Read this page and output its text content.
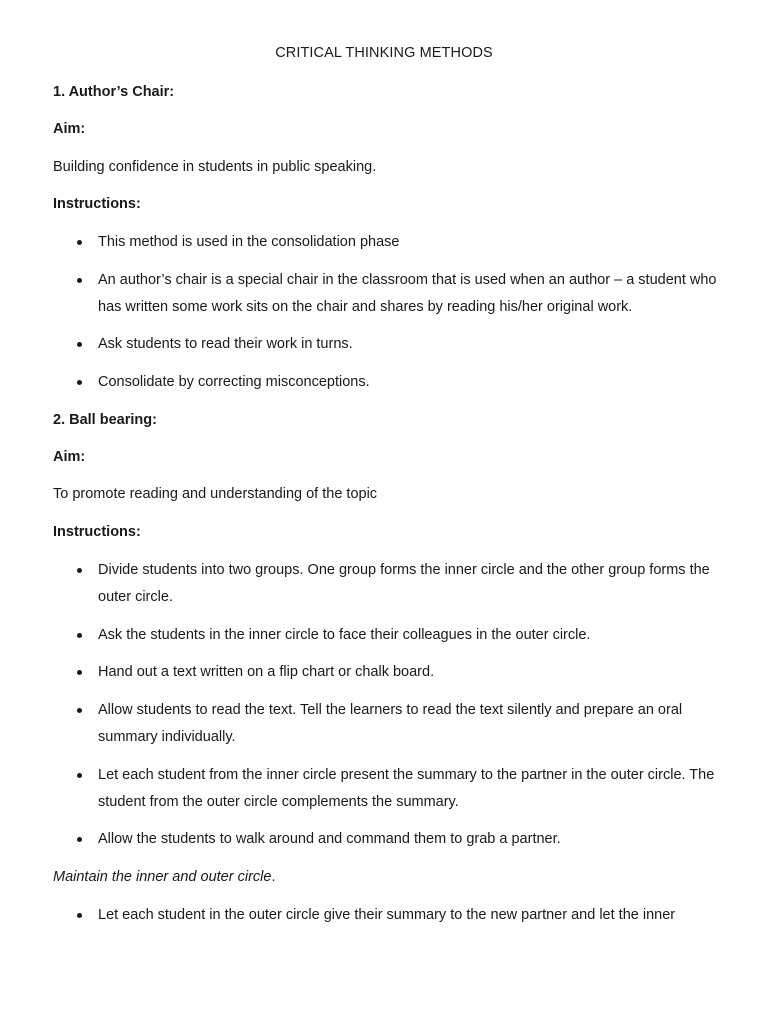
CRITICAL THINKING METHODS
1. Author’s Chair:
Aim:
Building confidence in students in public speaking.
Instructions:
This method is used in the consolidation phase
An author’s chair is a special chair in the classroom that is used when an author – a student who has written some work sits on the chair and shares by reading his/her original work.
Ask students to read their work in turns.
Consolidate by correcting misconceptions.
2. Ball bearing:
Aim:
To promote reading and understanding of the topic
Instructions:
Divide students into two groups. One group forms the inner circle and the other group forms the outer circle.
Ask the students in the inner circle to face their colleagues in the outer circle.
Hand out a text written on a flip chart or chalk board.
Allow students to read the text. Tell the learners to read the text silently and prepare an oral summary individually.
Let each student from the inner circle present the summary to the partner in the outer circle. The student from the outer circle complements the summary.
Allow the students to walk around and command them to grab a partner.
Maintain the inner and outer circle.
Let each student in the outer circle give their summary to the new partner and let the inner
